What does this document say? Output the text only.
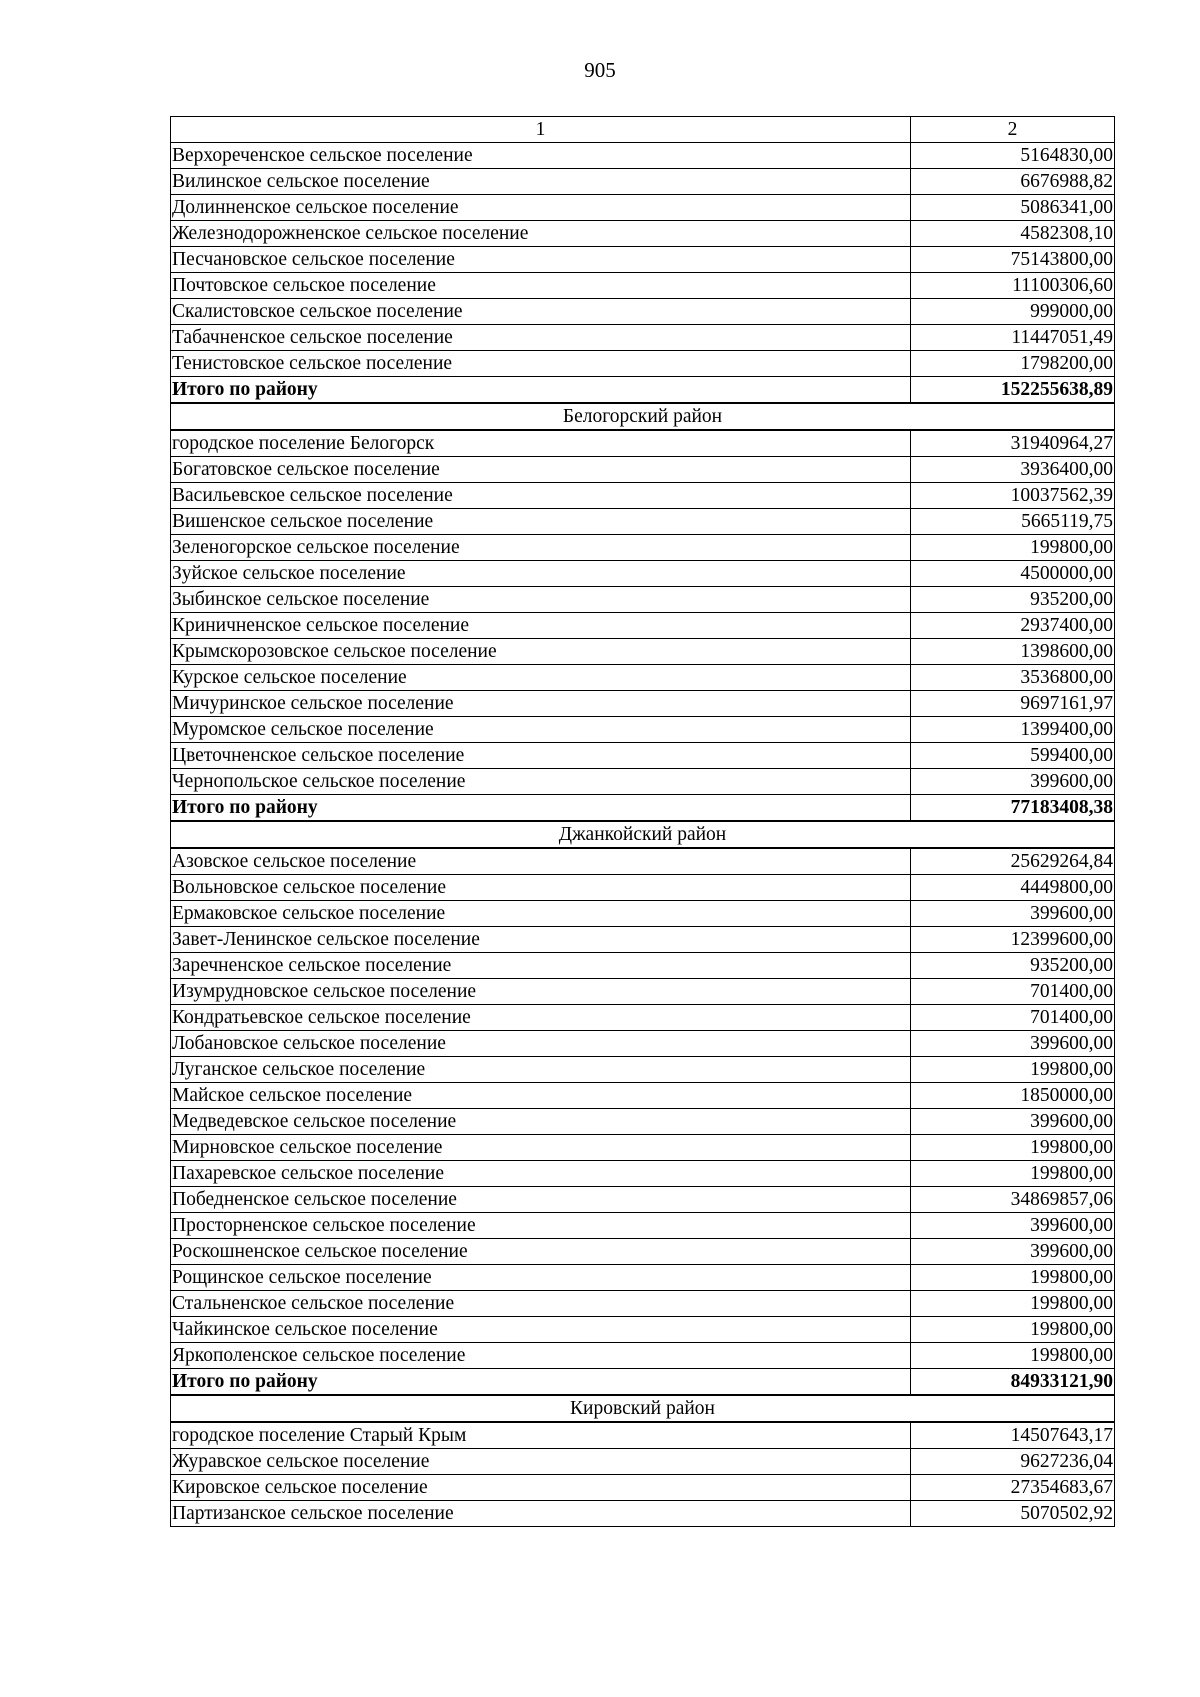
905
1	2
Верхореченское сельское поселение	5164830,00
Вилинское сельское поселение	6676988,82
Долинненское сельское поселение	5086341,00
Железнодорожненское сельское поселение	4582308,10
Песчановское сельское поселение	75143800,00
Почтовское сельское поселение	11100306,60
Скалистовское сельское поселение	999000,00
Табачненское сельское поселение	11447051,49
Тенистовское сельское поселение	1798200,00
Итого по району	152255638,89
Белогорский район	
городское поселение Белогорск	31940964,27
Богатовское сельское поселение	3936400,00
Васильевское сельское поселение	10037562,39
Вишенское сельское поселение	5665119,75
Зеленогорское сельское поселение	199800,00
Зуйское сельское поселение	4500000,00
Зыбинское сельское поселение	935200,00
Криничненское сельское поселение	2937400,00
Крымскорозовское сельское поселение	1398600,00
Курское сельское поселение	3536800,00
Мичуринское сельское поселение	9697161,97
Муромское сельское поселение	1399400,00
Цветочненское сельское поселение	599400,00
Чернопольское сельское поселение	399600,00
Итого по району	77183408,38
Джанкойский район	
Азовское сельское поселение	25629264,84
Вольновское сельское поселение	4449800,00
Ермаковское сельское поселение	399600,00
Завет-Ленинское сельское поселение	12399600,00
Заречненское сельское поселение	935200,00
Изумрудновское сельское поселение	701400,00
Кондратьевское сельское поселение	701400,00
Лобановское сельское поселение	399600,00
Луганское сельское поселение	199800,00
Майское сельское поселение	1850000,00
Медведевское сельское поселение	399600,00
Мирновское сельское поселение	199800,00
Пахаревское сельское поселение	199800,00
Победненское сельское поселение	34869857,06
Просторненское сельское поселение	399600,00
Роскошненское сельское поселение	399600,00
Рощинское сельское поселение	199800,00
Стальненское сельское поселение	199800,00
Чайкинское сельское поселение	199800,00
Яркополенское сельское поселение	199800,00
Итого по району	84933121,90
Кировский район	
городское поселение Старый Крым	14507643,17
Журавское сельское поселение	9627236,04
Кировское сельское поселение	27354683,67
Партизанское сельское поселение	5070502,92
